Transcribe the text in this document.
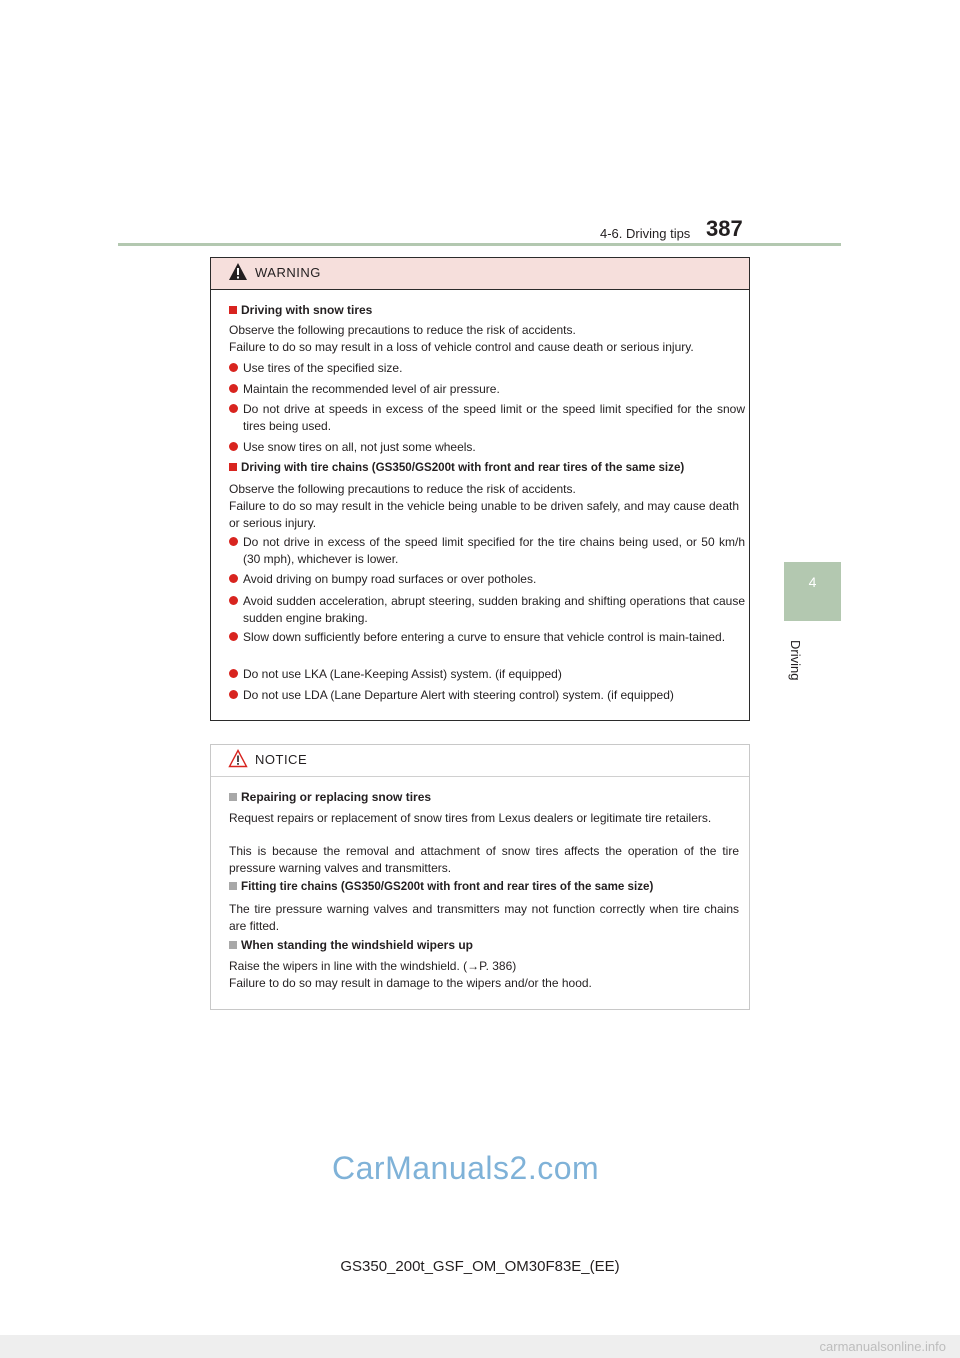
4-6. Driving tips 387
4
Driving
WARNING
Driving with snow tires
Observe the following precautions to reduce the risk of accidents.
Failure to do so may result in a loss of vehicle control and cause death or serious injury.
Use tires of the specified size.
Maintain the recommended level of air pressure.
Do not drive at speeds in excess of the speed limit or the speed limit specified for the snow tires being used.
Use snow tires on all, not just some wheels.
Driving with tire chains (GS350/GS200t with front and rear tires of the same size)
Observe the following precautions to reduce the risk of accidents.
Failure to do so may result in the vehicle being unable to be driven safely, and may cause death or serious injury.
Do not drive in excess of the speed limit specified for the tire chains being used, or 50 km/h (30 mph), whichever is lower.
Avoid driving on bumpy road surfaces or over potholes.
Avoid sudden acceleration, abrupt steering, sudden braking and shifting operations that cause sudden engine braking.
Slow down sufficiently before entering a curve to ensure that vehicle control is main-tained.
Do not use LKA (Lane-Keeping Assist) system. (if equipped)
Do not use LDA (Lane Departure Alert with steering control) system. (if equipped)
NOTICE
Repairing or replacing snow tires
Request repairs or replacement of snow tires from Lexus dealers or legitimate tire retailers.
This is because the removal and attachment of snow tires affects the operation of the tire pressure warning valves and transmitters.
Fitting tire chains (GS350/GS200t with front and rear tires of the same size)
The tire pressure warning valves and transmitters may not function correctly when tire chains are fitted.
When standing the windshield wipers up
Raise the wipers in line with the windshield. (→P. 386)
Failure to do so may result in damage to the wipers and/or the hood.
CarManuals2.com
GS350_200t_GSF_OM_OM30F83E_(EE)
carmanualsonline.info
